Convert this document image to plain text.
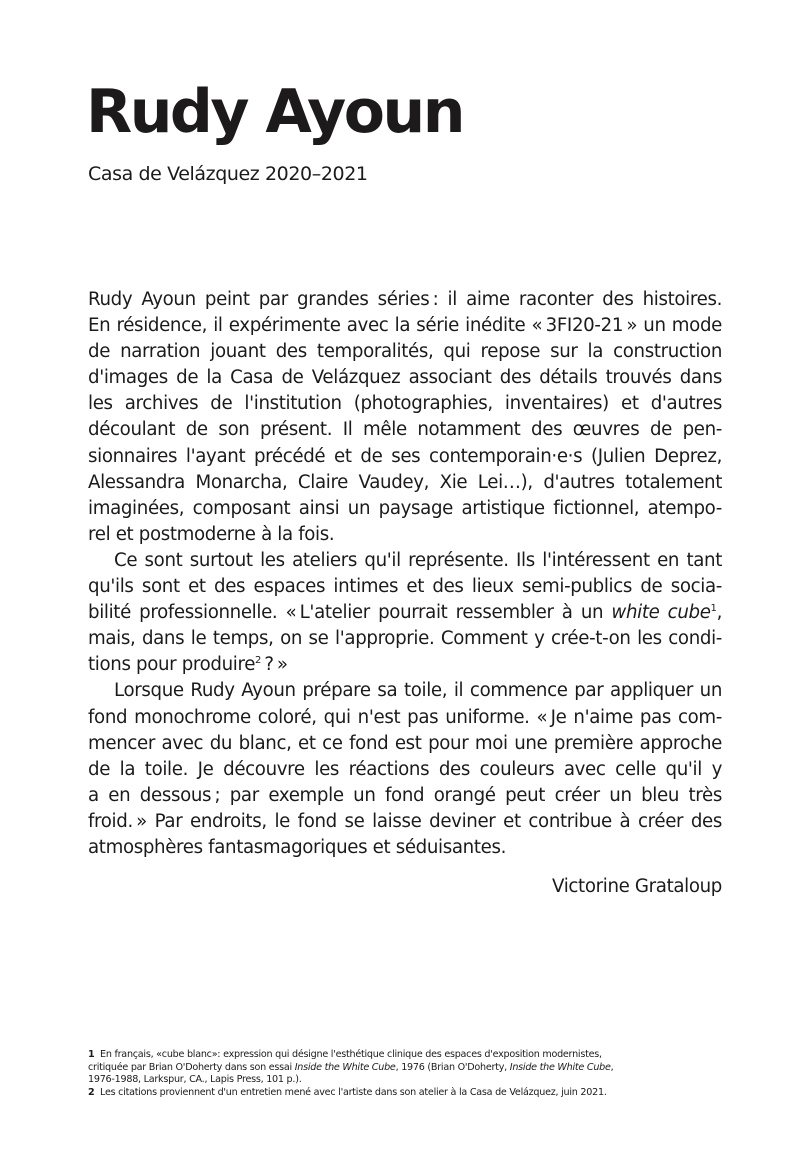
Rudy Ayoun
Casa de Velázquez 2020–2021
Rudy Ayoun peint par grandes séries : il aime raconter des histoires.
En résidence, il expérimente avec la série inédite « 3FI20-21 » un mode
de narration jouant des temporalités, qui repose sur la construction
d'images de la Casa de Velázquez associant des détails trouvés dans
les archives de l'institution (photographies, inventaires) et d'autres
découlant de son présent. Il mêle notamment des œuvres de pen-
sionnaires l'ayant précédé et de ses contemporain·e·s (Julien Deprez,
Alessandra Monarcha, Claire Vaudey, Xie Lei…), d'autres totalement
imaginées, composant ainsi un paysage artistique fictionnel, atempo-
rel et postmoderne à la fois.
Ce sont surtout les ateliers qu'il représente. Ils l'intéressent en tant
qu'ils sont et des espaces intimes et des lieux semi-publics de socia-
bilité professionnelle. « L'atelier pourrait ressembler à un white cube$^1$,
mais, dans le temps, on se l'approprie. Comment y crée-t-on les condi-
tions pour produire$^2$ ? »
Lorsque Rudy Ayoun prépare sa toile, il commence par appliquer un
fond monochrome coloré, qui n'est pas uniforme. « Je n'aime pas com-
mencer avec du blanc, et ce fond est pour moi une première approche
de la toile. Je découvre les réactions des couleurs avec celle qu'il y
a en dessous ; par exemple un fond orangé peut créer un bleu très
froid. » Par endroits, le fond se laisse deviner et contribue à créer des
atmosphères fantasmagoriques et séduisantes.
Victorine Grataloup
1 En français, «cube blanc»: expression qui désigne l'esthétique clinique des espaces d'exposition modernistes,
critiquée par Brian O'Doherty dans son essai Inside the White Cube, 1976 (Brian O'Doherty, Inside the White Cube,
1976-1988, Larkspur, CA., Lapis Press, 101 p.).
2 Les citations proviennent d'un entretien mené avec l'artiste dans son atelier à la Casa de Velázquez, juin 2021.
